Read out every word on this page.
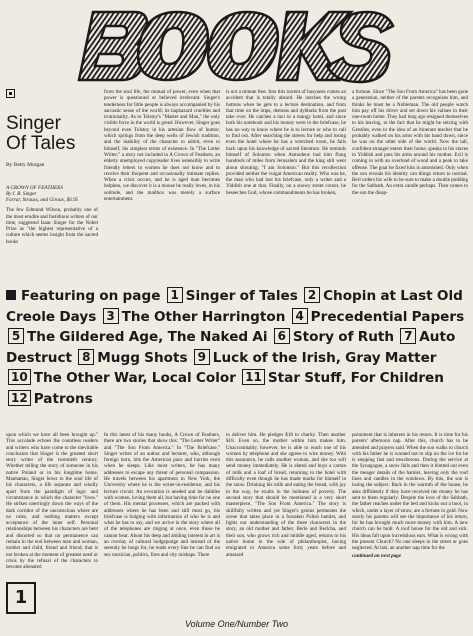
Singer
Of Tales
By Betty Morgan
A CROWN OF FEATHERS
By I. B. Singer
Farrar, Strauss, and Giroux, $6.95

The few Edmund Wilson, probably one of the most erudite and fastidious writers of our time, suggested Isaac Singer for the Nobel Prize as "the highest representative of a culture which seems insight from the sacred books

from the soul life, the mutual of power, even when that power is questioned or believed irrelevant. Singer's tenderness for little people is always accompanied by his sarcastic sense of the world; its haphazard cruelties and irrationality. As to Tolstoy's "Master and Man," the only visible force in the world is greed. However, Singer goes beyond even Tolstoy in his artesian flow of humor, which springs from the deep wells of Jewish tradition, and the inability of the character to admit, even to himself, his simplest terms of existence. In "The Letter Writer," a story not included in A Crown of Feathers, an elderly unemployed copyreader lives ostensibly to write friendly letters to women he does not know and to receive their frequent and occasionally intimate replies. When a crisis occurs, and he is aged man becomes helpless, we discover it is a mouse he really loves, in his solitude, and the mailbox was merely a surface entertainment.

is not a minute free. Into this torrent of busyness comes an accident that is totally absurd. He notches the wrong buttons when he gets to a lecture destination, and from that time on the imps, demons and dybbuks from the past take over. He catches a taxi to a mangy hotel, and since both his notebook and his money were in the briefcase, he has no way to know where he is to lecture or who to call to find out. After searching the streets for help and losing even the hotel where he has a wretched room, he falls back upon his knowledge of sacred literature. He reminds himself of Solomon when Asmodeus had him flung hundreds of miles from Jerusalem and the king still went about shouting: "I am Solomon." But this recollection provided neither the vulgar American reality. Who was he, the man who had lost his briefcase, only a writer and a Yiddish one at that. Finally, on a snowy street corner, he beseeches God, whose commandments he has broken,

a fortune. Since "The Son From America" has been gone a generation, neither of the parents recognizes him, and thinks he must be a Nobleman. The old people watch him pay off his driver and set down his valises in their one-room home. They had long ago resigned themselves to his leaving, to the fact that he might be seizing with Gentiles, even to the idea of an itinerant teacher that he probably walked on his arms with his hand down, since he was on the other side of the world. Now the tall, confident stranger enters their home, speaks to his slaves in Yiddish and puts his arms around his mother. Evil is coming in with an overload of wood and a peak to take offense. The goat he fixed him is astonished. Only when the son reveals his identity can things return to normal. Berl orders his wife to be sure to make a double pudding for the Sabbath. An extra candle perhaps. Then comes to the son the disap-

Featuring on page 1 Singer of Tales 2 Chopin at Last Old Creole Days 3 The Other Harrington 4 Precedential Papers 5 The Gildered Age, The Naked Ai 6 Story of Ruth 7 Auto Destruct 8 Mugg Shots 9 Luck of the Irish, Gray Matter 10 The Other War, Local Color 11 Star Stuff, For Children 12 Patrons

upon which we have all been brought up." This accolade echoes the countless readers and writers who have come to the inevitable conclusion that Singer is the greatest short story writer of the twentieth century. Whether telling the story of someone in his native Poland or in his longtime home, Manhattan, Singer bows to the soul life of his characters, a life separate and wholly apart from the paradigm of logic and circumstance in which the character "lives." He strikes unerringly down the ways of the dark corridor of the unconscious where are no rules, and nothing matters except acceptance of the inner self. Personal relationships between his characters are bent and distorted so that no permanence can remain in the end between man and woman, mother and child, friend and friend; that is not broken at the moment of greatest need or crisis by the refusal of the characters to become alienated

1

In this latest of his many books, A Crown of Feathers, there are two stories that show this: "The Letter Writer" and "The Son From America." In "The Briefcase," Singer writes of an author and lecturer, who, although foreign born, hits the American pace and hurries even when he sleeps. Like most writers, he has many addresses to escape any threat of personal compassion. He travels between his apartment in New York, the University where he is the writer-in-residence, and his lecture circuit. An evocation is needed and he dabbles with women, loving them all, but having time for no one of them. His mental processes, which are packed with addresses where he has been and still must go, his briefcase is bulging with information of who he is and what he has to say, and we arrive in the story where all of the telephones are ringing at once, even those he cannot hear. About his deep and abiding interest in art is an overlay of cultural hodgepodge and instead of the serenity he longs for, he reads every line he can find on sex musician, politics, fires and city mishaps. There

to deliver him. He pledges $18 to charity. Then another $18. Even so, the mother within him makes him. Unaccountably, however, he is able to reach one of his women by telephone and she agrees to wire money. With this assurance, he calls another woman, and she too will send money immediately. He is elated and buys a carton of milk and a loaf of bread, returning to the hotel with difficulty even though he has made marks for himself in the snow. Drinking his milk and eating the bread, with joy in the way, he exults in the holiness of poverty. The second story that should be mentioned is a very short masterpiece, "The Son From America." The story is skillfully written and yet Singer's genius permeates the scene that takes place in a forsaken Polish hamlet, and lights our understanding of the three characters in the story, an old mother and father, Berle and Berlcha, and their son, who grows rich and middle aged, returns to his native home in the role of philanthropist, having emigrated to America some forty years before and amassed

pointment that is inherent in his return. It is time for his parents' afternoon nap. After this, church has to be attended and prayers said. When the son walks to church with his father he is warned not to slip on the ice for he is stepping fast and treacherous. During the service at the Synagogue, a snow falls and then it blotted out even the meager details of the hamlet, leaving only the roof lines and candles in the windows. By this, the son is losing the subject. Back in the warmth of the house, he asks diffidently if they have received the money he has sent to them regularly. Despite the love of the Sabbath, the father reaches under the bed and kicks out a boot, in which, under a layer of straw, are a fortune in gold. Now surely his parents will see the importance of his return, for he has brought much more money with him. A new church can be built. A roof house for the old and sick. His ideas fall upon incredulous ears. What is wrong with the present Church? No one sleeps in the street or goes neglected. At last, an another nap time for the

continued on next page

Volume One/Number Two
